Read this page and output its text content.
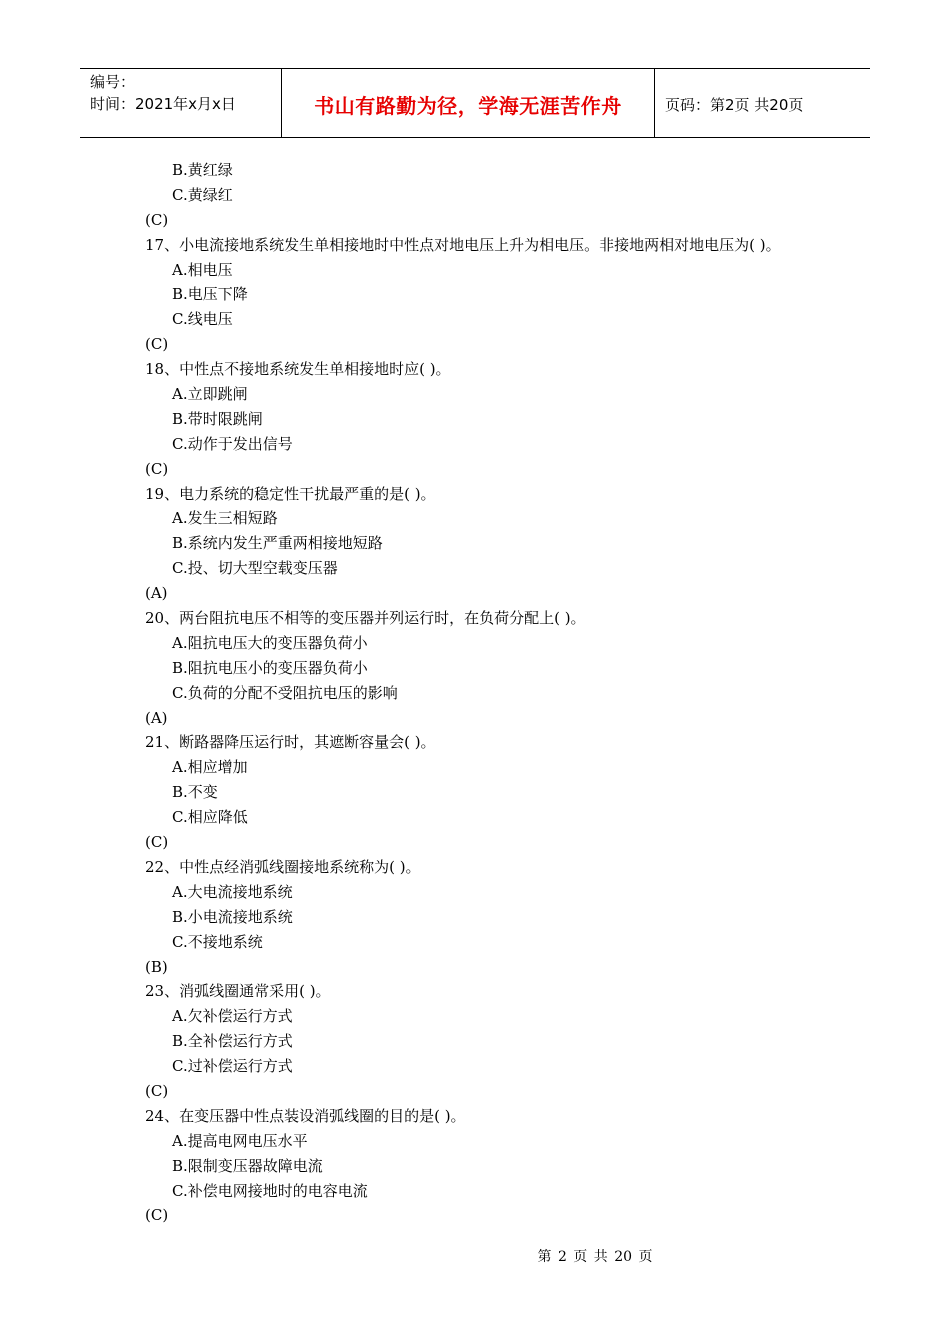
编号：
时间：2021年x月x日	书山有路勤为径，学海无涯苦作舟	页码：第2页 共20页
B.黄红绿
C.黄绿红
(C)
17、小电流接地系统发生单相接地时中性点对地电压上升为相电压。非接地两相对地电压为( )。
A.相电压
B.电压下降
C.线电压
(C)
18、中性点不接地系统发生单相接地时应( )。
A.立即跳闸
B.带时限跳闸
C.动作于发出信号
(C)
19、电力系统的稳定性干扰最严重的是( )。
A.发生三相短路
B.系统内发生严重两相接地短路
C.投、切大型空载变压器
(A)
20、两台阻抗电压不相等的变压器并列运行时，在负荷分配上( )。
A.阻抗电压大的变压器负荷小
B.阻抗电压小的变压器负荷小
C.负荷的分配不受阻抗电压的影响
(A)
21、断路器降压运行时，其遮断容量会( )。
A.相应增加
B.不变
C.相应降低
(C)
22、中性点经消弧线圈接地系统称为( )。
A.大电流接地系统
B.小电流接地系统
C.不接地系统
(B)
23、消弧线圈通常采用( )。
A.欠补偿运行方式
B.全补偿运行方式
C.过补偿运行方式
(C)
24、在变压器中性点装设消弧线圈的目的是( )。
A.提高电网电压水平
B.限制变压器故障电流
C.补偿电网接地时的电容电流
(C)
第 2 页 共 20 页
